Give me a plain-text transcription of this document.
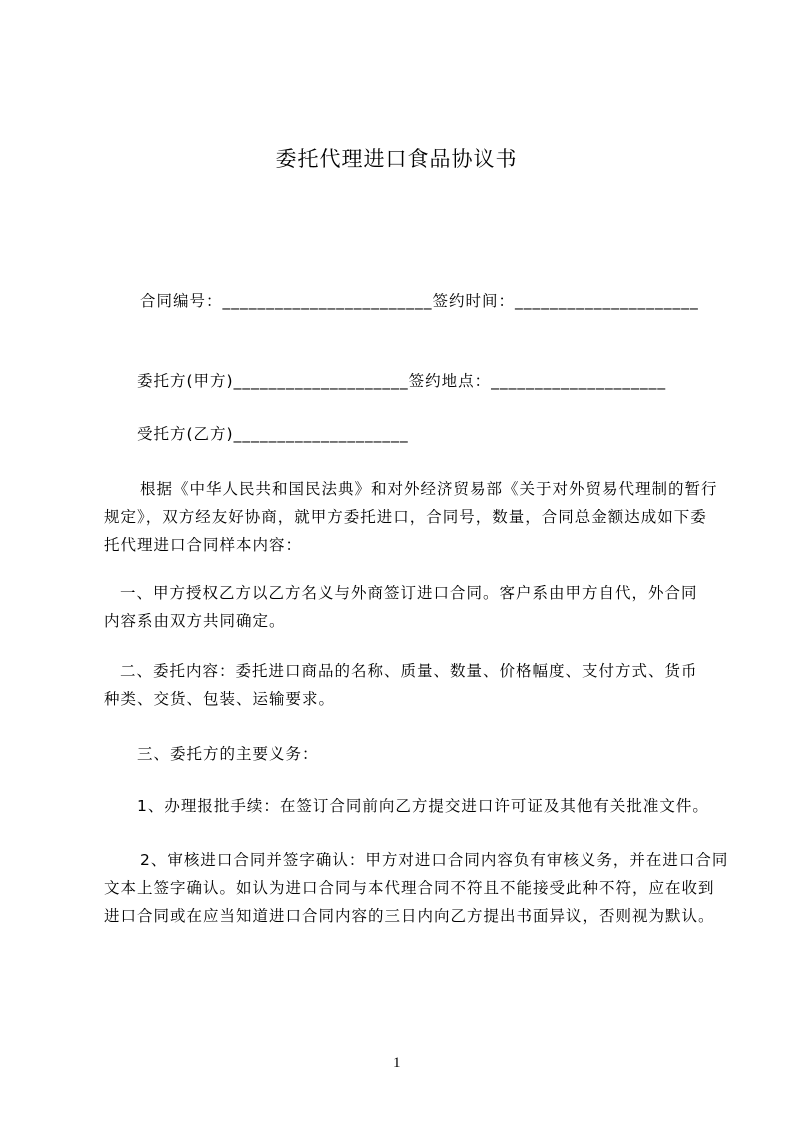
委托代理进口食品协议书
合同编号：________________________签约时间：_____________________
委托方(甲方)____________________签约地点：____________________
受托方(乙方)____________________
根据《中华人民共和国民法典》和对外经济贸易部《关于对外贸易代理制的暂行
规定》，双方经友好协商，就甲方委托进口，合同号，数量，合同总金额达成如下委
托代理进口合同样本内容：
一、甲方授权乙方以乙方名义与外商签订进口合同。客户系由甲方自代，外合同
内容系由双方共同确定。
二、委托内容：委托进口商品的名称、质量、数量、价格幅度、支付方式、货币
种类、交货、包装、运输要求。
三、委托方的主要义务：
1、办理报批手续：在签订合同前向乙方提交进口许可证及其他有关批准文件。
2、审核进口合同并签字确认：甲方对进口合同内容负有审核义务，并在进口合同
文本上签字确认。如认为进口合同与本代理合同不符且不能接受此种不符，应在收到
进口合同或在应当知道进口合同内容的三日内向乙方提出书面异议，否则视为默认。
1
